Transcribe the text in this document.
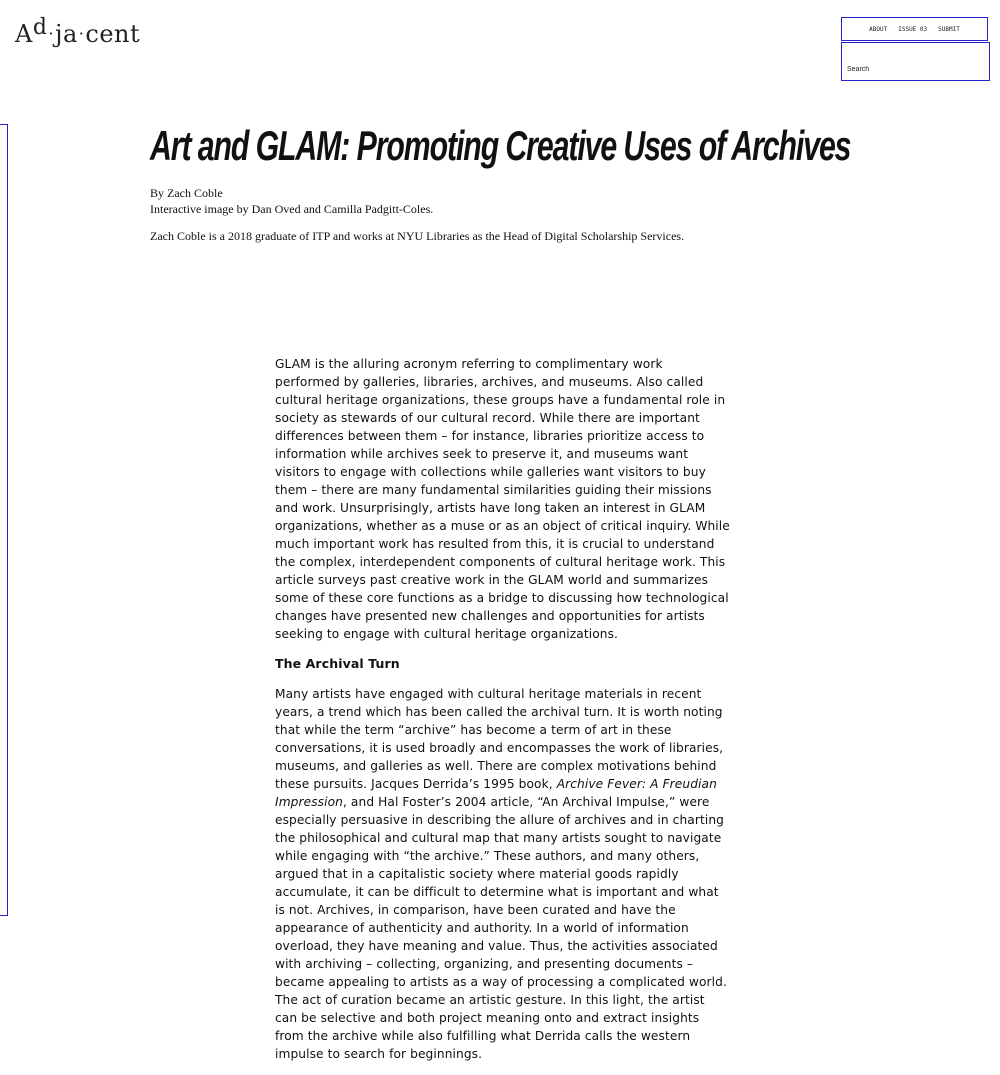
Ad·ja·cent	ABOUT ISSUE 03 SUBMIT
Search
Art and GLAM: Promoting Creative Uses of Archives
By Zach Coble
Interactive image by Dan Oved and Camilla Padgitt-Coles.
Zach Coble is a 2018 graduate of ITP and works at NYU Libraries as the Head of Digital Scholarship Services.

GLAM is the alluring acronym referring to complimentary work performed by galleries, libraries, archives, and museums. Also called cultural heritage organizations, these groups have a fundamental role in society as stewards of our cultural record. While there are important differences between them – for instance, libraries prioritize access to information while archives seek to preserve it, and museums want visitors to engage with collections while galleries want visitors to buy them – there are many fundamental similarities guiding their missions and work. Unsurprisingly, artists have long taken an interest in GLAM organizations, whether as a muse or as an object of critical inquiry. While much important work has resulted from this, it is crucial to understand the complex, interdependent components of cultural heritage work. This article surveys past creative work in the GLAM world and summarizes some of these core functions as a bridge to discussing how technological changes have presented new challenges and opportunities for artists seeking to engage with cultural heritage organizations.

The Archival Turn

Many artists have engaged with cultural heritage materials in recent years, a trend which has been called the archival turn. It is worth noting that while the term “archive” has become a term of art in these conversations, it is used broadly and encompasses the work of libraries, museums, and galleries as well. There are complex motivations behind these pursuits. Jacques Derrida’s 1995 book, Archive Fever: A Freudian Impression, and Hal Foster’s 2004 article, “An Archival Impulse,” were especially persuasive in describing the allure of archives and in charting the philosophical and cultural map that many artists sought to navigate while engaging with “the archive.” These authors, and many others, argued that in a capitalistic society where material goods rapidly accumulate, it can be difficult to determine what is important and what is not. Archives, in comparison, have been curated and have the appearance of authenticity and authority. In a world of information overload, they have meaning and value. Thus, the activities associated with archiving – collecting, organizing, and presenting documents – became appealing to artists as a way of processing a complicated world. The act of curation became an artistic gesture. In this light, the artist can be selective and both project meaning onto and extract insights from the archive while also fulfilling what Derrida calls the western impulse to search for beginnings.
